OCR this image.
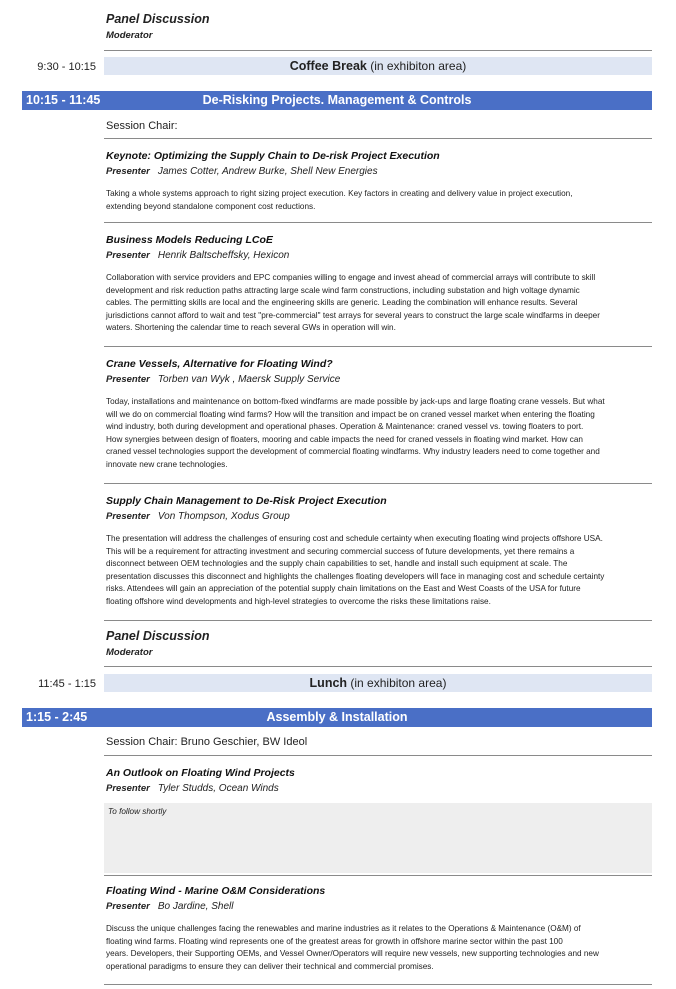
Panel Discussion
Moderator
9:30 - 10:15	Coffee Break (in exhibiton area)
10:15 - 11:45	De-Risking Projects. Management & Controls
Session Chair:
Keynote: Optimizing the Supply Chain to De-risk Project Execution
Presenter James Cotter, Andrew Burke, Shell New Energies
Taking a whole systems approach to right sizing project execution. Key factors in creating and delivery value in project execution,
extending beyond standalone component cost reductions.
Business Models Reducing LCoE
Presenter Henrik Baltscheffsky, Hexicon
Collaboration with service providers and EPC companies willing to engage and invest ahead of commercial arrays will contribute to skill
development and risk reduction paths attracting large scale wind farm constructions, including substation and high voltage dynamic
cables. The permitting skills are local and the engineering skills are generic. Leading the combination will enhance results. Several
jurisdictions cannot afford to wait and test "pre-commercial" test arrays for several years to construct the large scale windfarms in deeper
waters. Shortening the calendar time to reach several GWs in operation will win.
Crane Vessels, Alternative for Floating Wind?
Presenter Torben van Wyk , Maersk Supply Service
Today, installations and maintenance on bottom-fixed windfarms are made possible by jack-ups and large floating crane vessels. But what
will we do on commercial floating wind farms? How will the transition and impact be on craned vessel market when entering the floating
wind industry, both during development and operational phases. Operation & Maintenance: craned vessel vs. towing floaters to port.
How synergies between design of floaters, mooring and cable impacts the need for craned vessels in floating wind market. How can
craned vessel technologies support the development of commercial floating windfarms. Why industry leaders need to come together and
innovate new crane technologies.
Supply Chain Management to De-Risk Project Execution
Presenter Von Thompson, Xodus Group
The presentation will address the challenges of ensuring cost and schedule certainty when executing floating wind projects offshore USA.
This will be a requirement for attracting investment and securing commercial success of future developments, yet there remains a
disconnect between OEM technologies and the supply chain capabilities to set, handle and install such equipment at scale. The
presentation discusses this disconnect and highlights the challenges floating developers will face in managing cost and schedule certainty
risks. Attendees will gain an appreciation of the potential supply chain limitations on the East and West Coasts of the USA for future
floating offshore wind developments and high-level strategies to overcome the risks these limitations raise.
Panel Discussion
Moderator
11:45 - 1:15	Lunch (in exhibiton area)
1:15 - 2:45	Assembly & Installation
Session Chair: Bruno Geschier, BW Ideol
An Outlook on Floating Wind Projects
Presenter Tyler Studds, Ocean Winds
To follow shortly
Floating Wind - Marine O&M Considerations
Presenter Bo Jardine, Shell
Discuss the unique challenges facing the renewables and marine industries as it relates to the Operations & Maintenance (O&M) of
floating wind farms. Floating wind represents one of the greatest areas for growth in offshore marine sector within the past 100
years. Developers, their Supporting OEMs, and Vessel Owner/Operators will require new vessels, new supporting technologies and new
operational paradigms to ensure they can deliver their technical and commercial promises.
